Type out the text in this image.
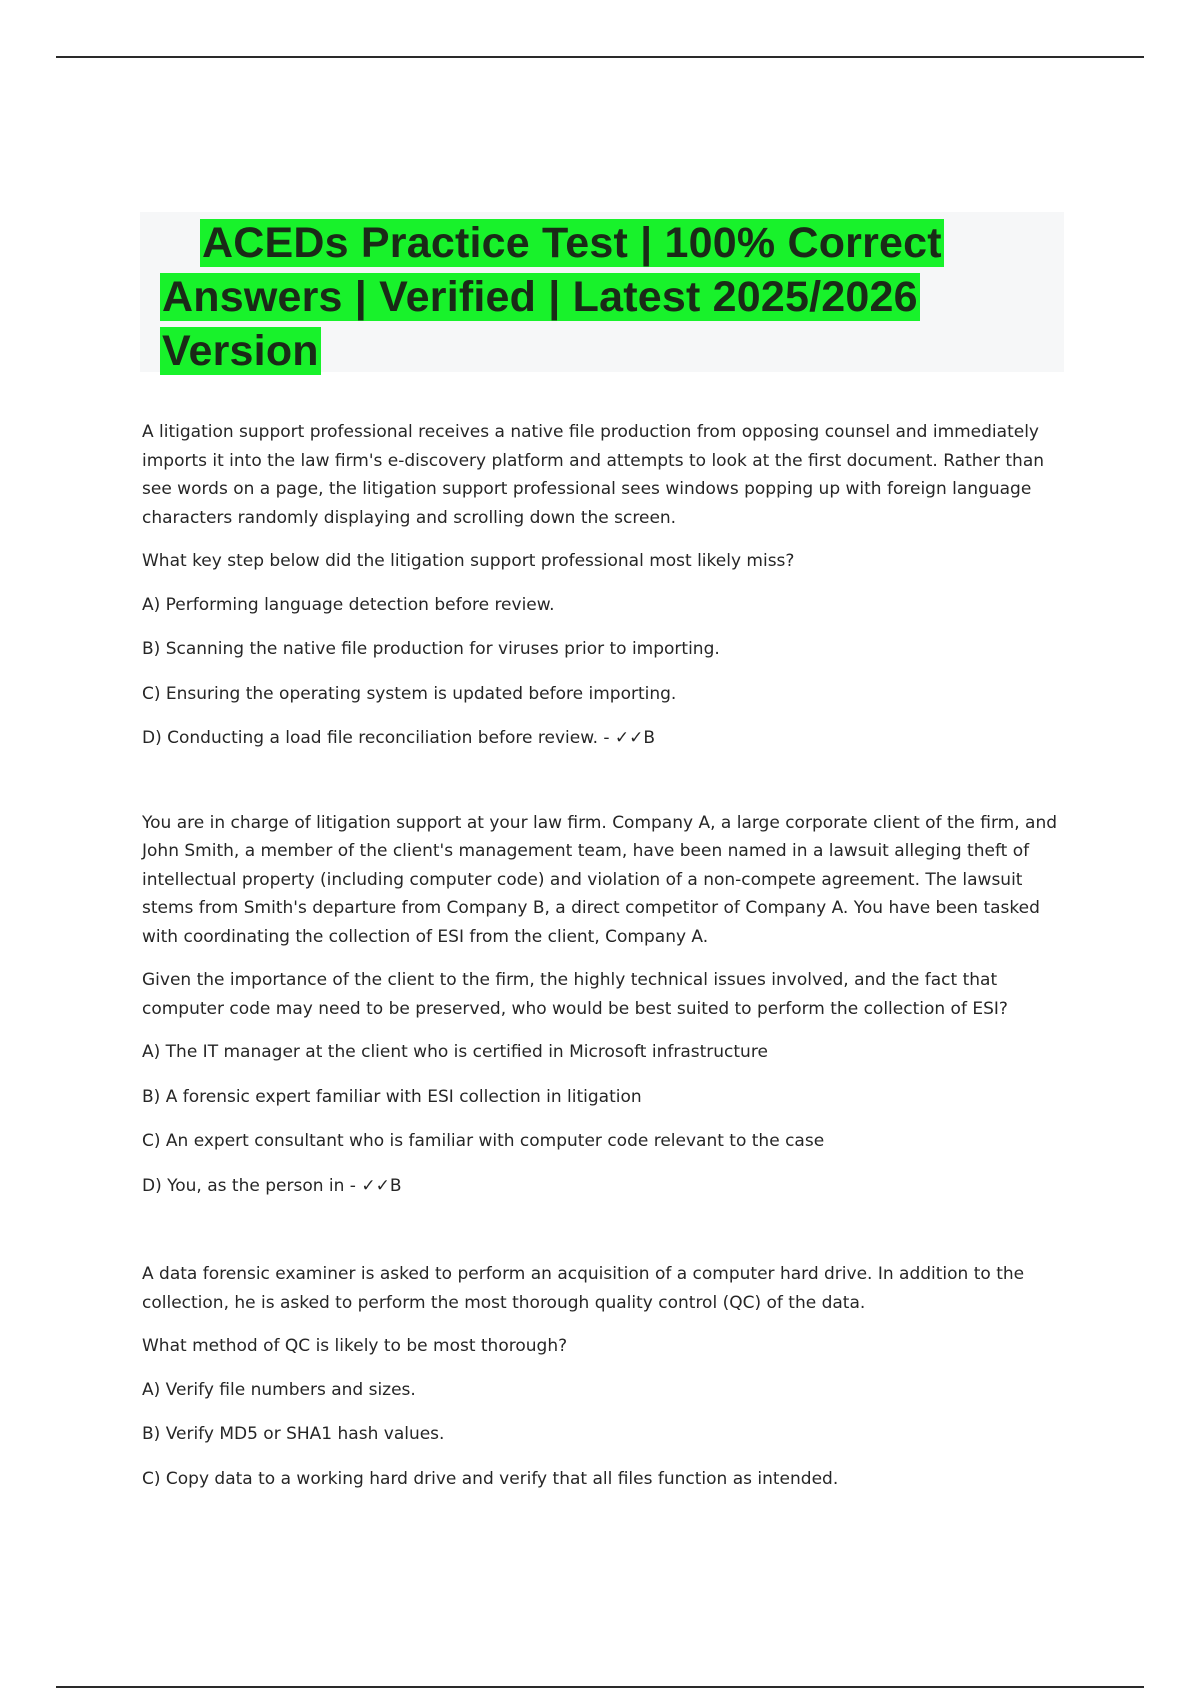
ACEDs Practice Test | 100% Correct
Answers | Verified | Latest 2025/2026
Version

A litigation support professional receives a native file production from opposing counsel and immediately imports it into the law firm's e-discovery platform and attempts to look at the first document. Rather than see words on a page, the litigation support professional sees windows popping up with foreign language characters randomly displaying and scrolling down the screen.

What key step below did the litigation support professional most likely miss?

A) Performing language detection before review.

B) Scanning the native file production for viruses prior to importing.

C) Ensuring the operating system is updated before importing.

D) Conducting a load file reconciliation before review. - ✓✓B

You are in charge of litigation support at your law firm. Company A, a large corporate client of the firm, and John Smith, a member of the client's management team, have been named in a lawsuit alleging theft of intellectual property (including computer code) and violation of a non-compete agreement. The lawsuit stems from Smith's departure from Company B, a direct competitor of Company A. You have been tasked with coordinating the collection of ESI from the client, Company A.

Given the importance of the client to the firm, the highly technical issues involved, and the fact that computer code may need to be preserved, who would be best suited to perform the collection of ESI?

A) The IT manager at the client who is certified in Microsoft infrastructure

B) A forensic expert familiar with ESI collection in litigation

C) An expert consultant who is familiar with computer code relevant to the case

D) You, as the person in - ✓✓B

A data forensic examiner is asked to perform an acquisition of a computer hard drive. In addition to the collection, he is asked to perform the most thorough quality control (QC) of the data.

What method of QC is likely to be most thorough?

A) Verify file numbers and sizes.

B) Verify MD5 or SHA1 hash values.

C) Copy data to a working hard drive and verify that all files function as intended.
